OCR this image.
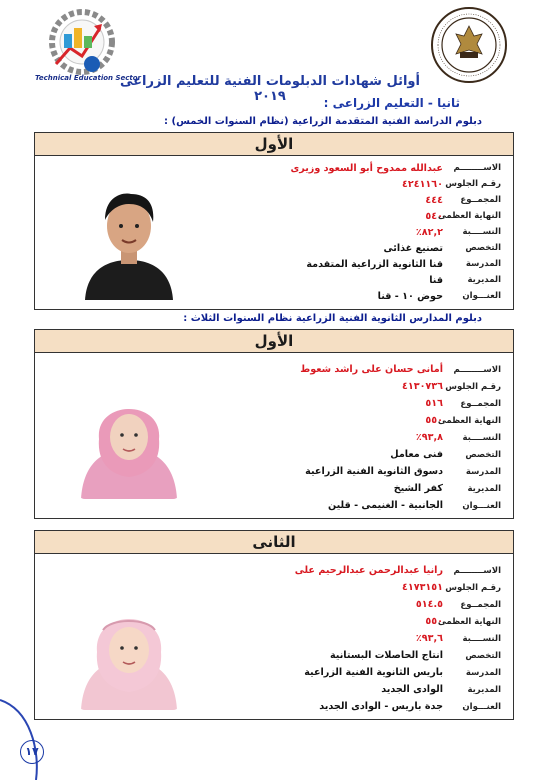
Technical Education Sector
أوائل شهادات الدبلومات الفنية للتعليم الزراعى ٢٠١٩	ثانيا - التعليم الزراعى :
دبلوم الدراسة الفنية المتقدمة الزراعية (نظام السنوات الخمس) :
الأول
الاســــــــم
عبدالله ممدوح أبو السعود وزيرى
رقـم الجلوس
٤٢٤١١٦٠
المجمــوع
٤٤٤
النهاية العظمى
٥٤٠
النســــبة
٨٢,٢٪
التخصص
تصنيع غذائى
المدرسة
قنا الثانوية الزراعية المتقدمة
المديرية
قنا
العنـــوان
حوض ١٠ - قنا
دبلوم المدارس الثانوية الفنية الزراعية نظام السنوات الثلاث :
الأول
الاســــــــم
أمانى حسان على راشد شعوط
رقـم الجلوس
٤١٣٠٧٣٦
المجمــوع
٥١٦
النهاية العظمى
٥٥٠
النســــبة
٩٣,٨٪
التخصص
فنى معامل
المدرسة
دسوق الثانوية الفنية الزراعية
المديرية
كفر الشيخ
العنـــوان
الجانبية - الغنيمى - قلين
الثانى
الاســــــــم
رانيا عبدالرحمن عبدالرحيم على
رقـم الجلوس
٤١٧٣١٥١
المجمــوع
٥١٤.٥
النهاية العظمى
٥٥٠
النســــبة
٩٣,٦٪
التخصص
انتاج الحاصلات البستانية
المدرسة
باريس الثانوية الفنية الزراعية
المديرية
الوادى الجديد
العنـــوان
جدة باريس - الوادى الجديد
١٧
